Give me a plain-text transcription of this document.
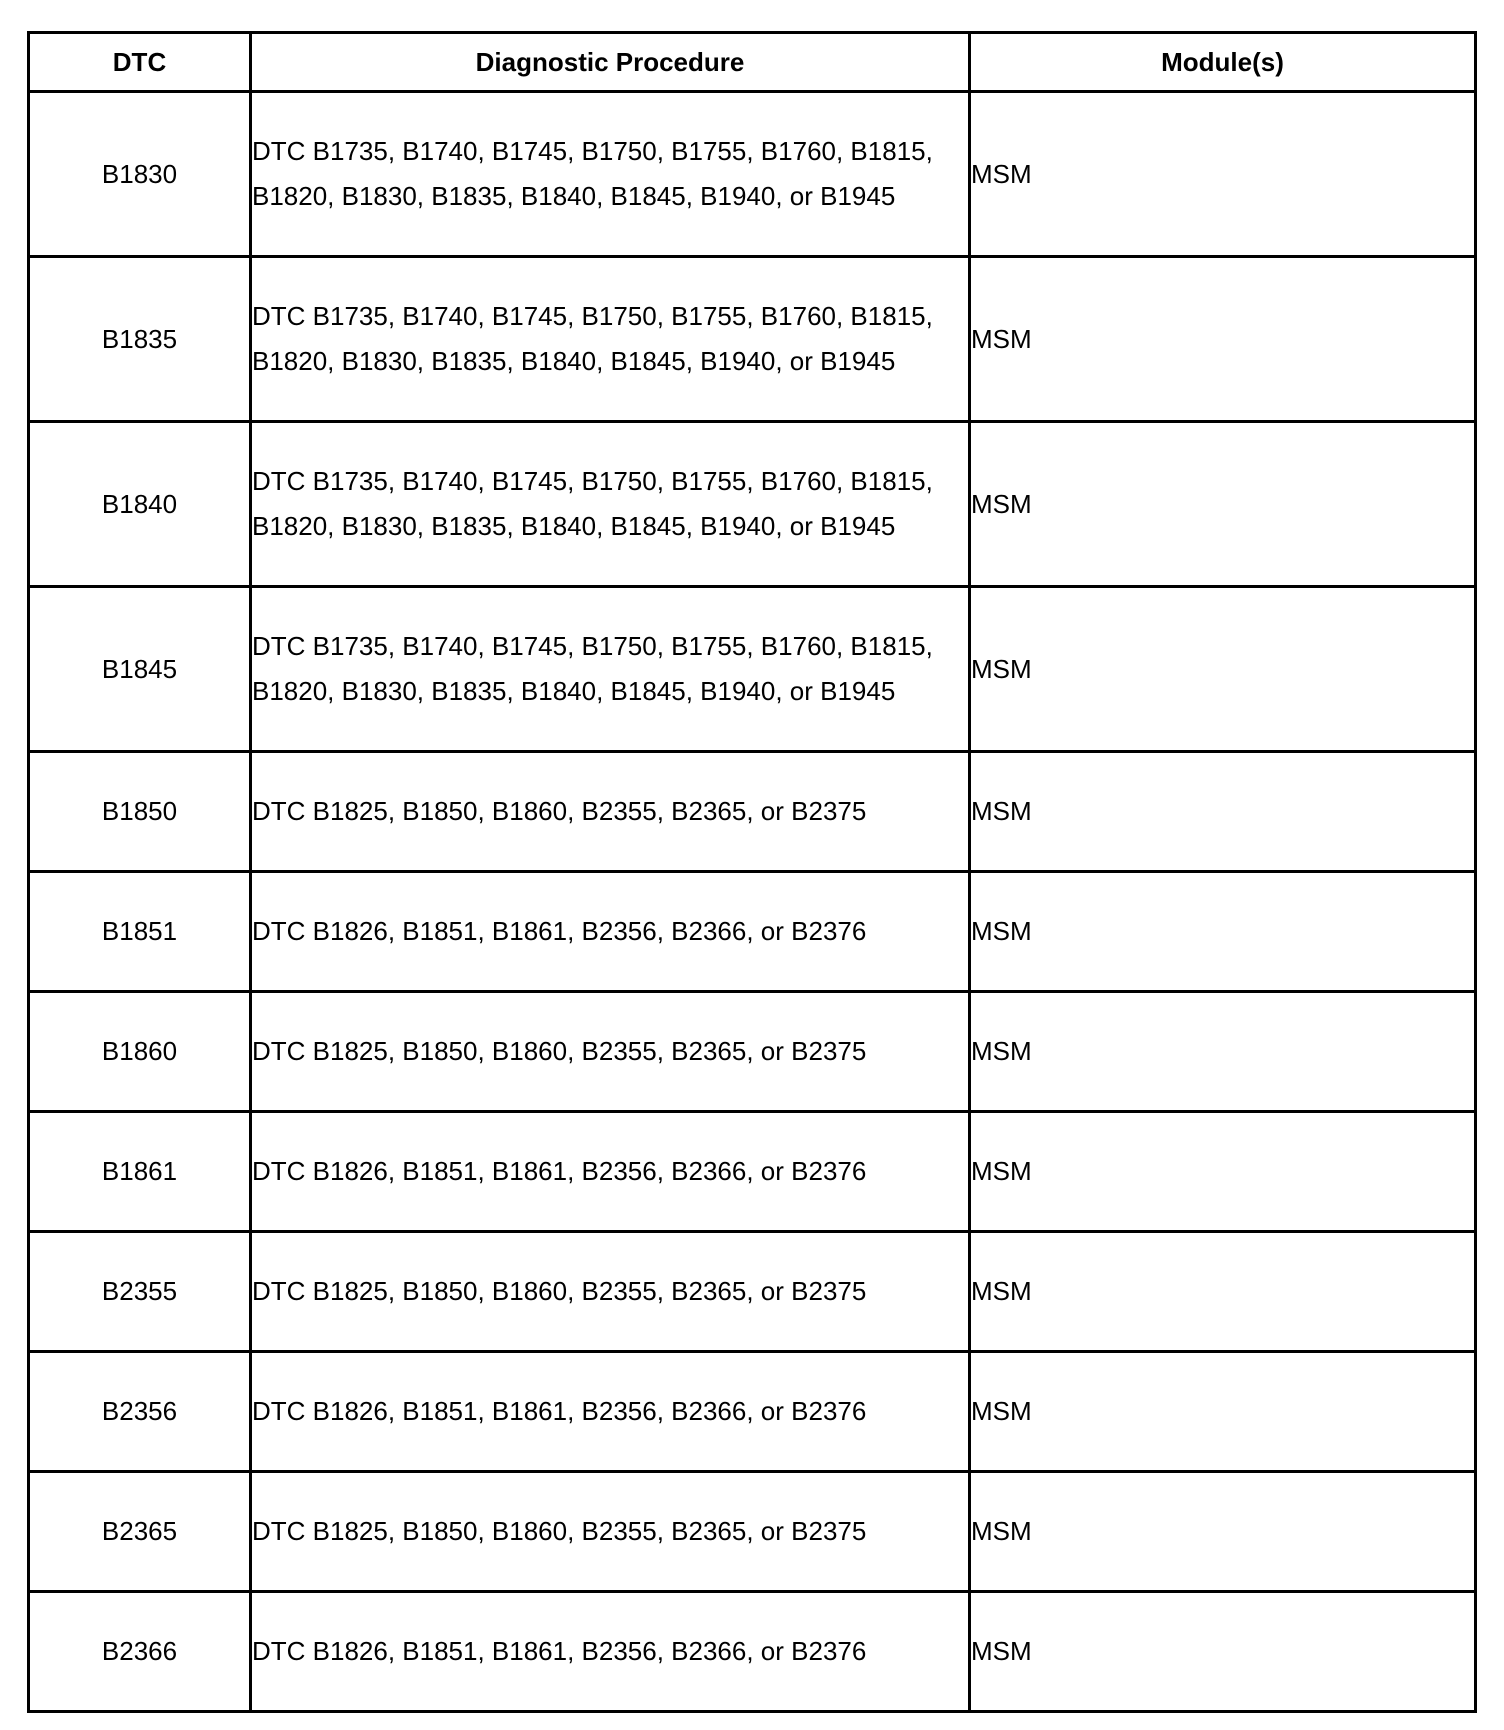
DTC	Diagnostic Procedure	Module(s)
B1830	DTC B1735, B1740, B1745, B1750, B1755, B1760, B1815, B1820, B1830, B1835, B1840, B1845, B1940, or B1945	MSM
B1835	DTC B1735, B1740, B1745, B1750, B1755, B1760, B1815, B1820, B1830, B1835, B1840, B1845, B1940, or B1945	MSM
B1840	DTC B1735, B1740, B1745, B1750, B1755, B1760, B1815, B1820, B1830, B1835, B1840, B1845, B1940, or B1945	MSM
B1845	DTC B1735, B1740, B1745, B1750, B1755, B1760, B1815, B1820, B1830, B1835, B1840, B1845, B1940, or B1945	MSM
B1850	DTC B1825, B1850, B1860, B2355, B2365, or B2375	MSM
B1851	DTC B1826, B1851, B1861, B2356, B2366, or B2376	MSM
B1860	DTC B1825, B1850, B1860, B2355, B2365, or B2375	MSM
B1861	DTC B1826, B1851, B1861, B2356, B2366, or B2376	MSM
B2355	DTC B1825, B1850, B1860, B2355, B2365, or B2375	MSM
B2356	DTC B1826, B1851, B1861, B2356, B2366, or B2376	MSM
B2365	DTC B1825, B1850, B1860, B2355, B2365, or B2375	MSM
B2366	DTC B1826, B1851, B1861, B2356, B2366, or B2376	MSM
